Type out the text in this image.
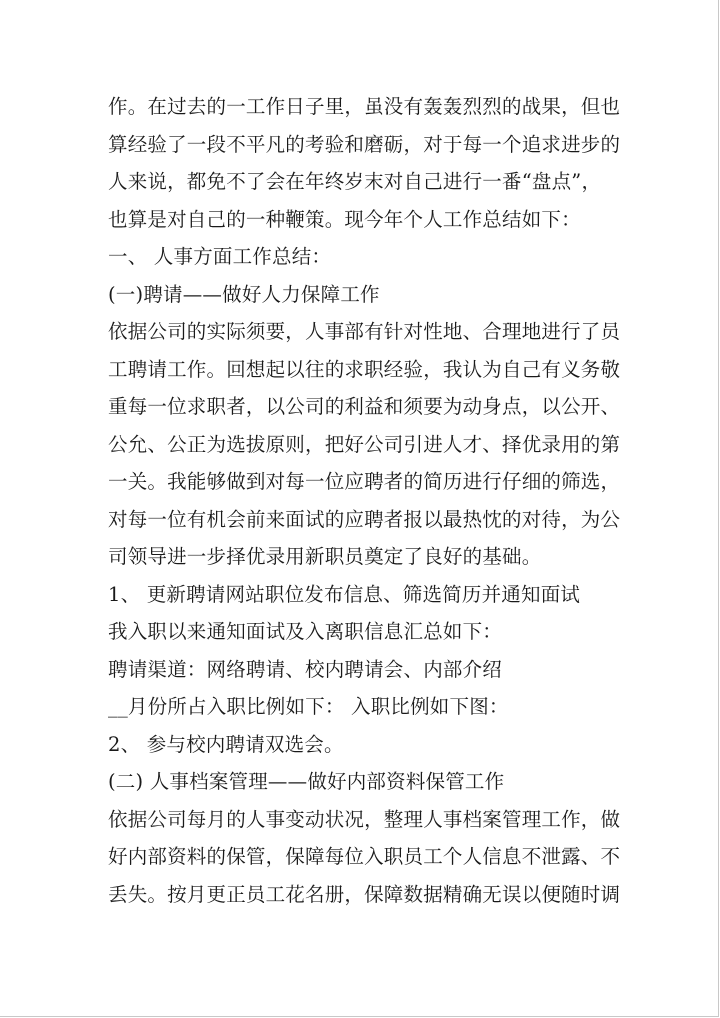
作。在过去的一工作日子里，虽没有轰轰烈烈的战果，但也
算经验了一段不平凡的考验和磨砺，对于每一个追求进步的
人来说，都免不了会在年终岁末对自己进行一番“盘点”，
也算是对自己的一种鞭策。现今年个人工作总结如下：
一、 人事方面工作总结：
(一)聘请——做好人力保障工作
依据公司的实际须要，人事部有针对性地、合理地进行了员
工聘请工作。回想起以往的求职经验，我认为自己有义务敬
重每一位求职者，以公司的利益和须要为动身点，以公开、
公允、公正为选拔原则，把好公司引进人才、择优录用的第
一关。我能够做到对每一位应聘者的简历进行仔细的筛选，
对每一位有机会前来面试的应聘者报以最热忱的对待，为公
司领导进一步择优录用新职员奠定了良好的基础。
1、 更新聘请网站职位发布信息、筛选简历并通知面试
我入职以来通知面试及入离职信息汇总如下：
聘请渠道：网络聘请、校内聘请会、内部介绍
__月份所占入职比例如下： 入职比例如下图：
2、 参与校内聘请双选会。
(二) 人事档案管理——做好内部资料保管工作
依据公司每月的人事变动状况，整理人事档案管理工作，做
好内部资料的保管，保障每位入职员工个人信息不泄露、不
丢失。按月更正员工花名册，保障数据精确无误以便随时调
